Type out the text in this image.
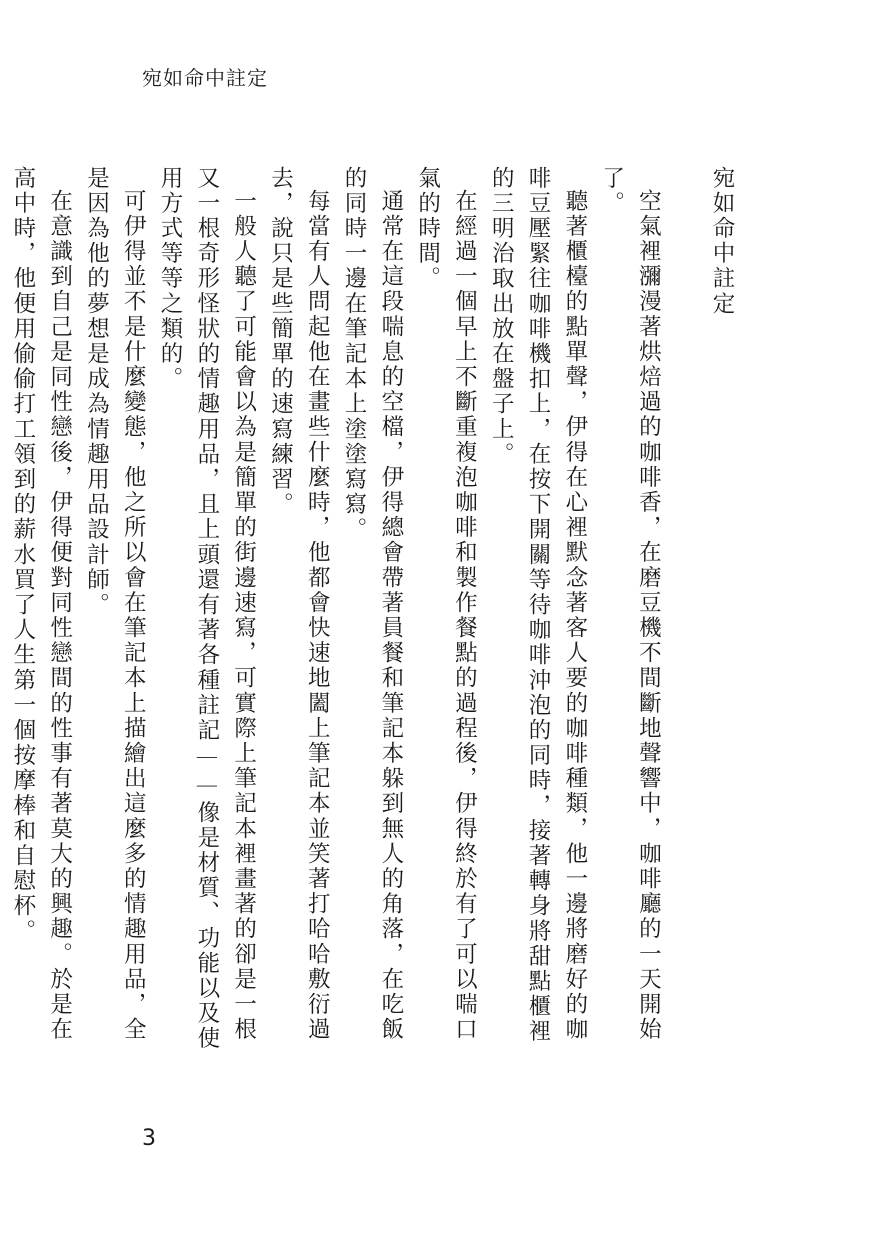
宛如命中註定

宛如命中註定

空氣裡瀰漫著烘焙過的咖啡香，在磨豆機不間斷地聲響中，咖啡廳的一天開始了。

聽著櫃檯的點單聲，伊得在心裡默念著客人要的咖啡種類，他一邊將磨好的咖啡豆壓緊往咖啡機扣上，在按下開關等待咖啡沖泡的同時，接著轉身將甜點櫃裡的三明治取出放在盤子上。

在經過一個早上不斷重複泡咖啡和製作餐點的過程後，伊得終於有了可以喘口氣的時間。

通常在這段喘息的空檔，伊得總會帶著員餐和筆記本躲到無人的角落，在吃飯的同時一邊在筆記本上塗塗寫寫。

每當有人問起他在畫些什麼時，他都會快速地闔上筆記本並笑著打哈哈敷衍過去，說只是些簡單的速寫練習。

一般人聽了可能會以為是簡單的街邊速寫，可實際上筆記本裡畫著的卻是一根又一根奇形怪狀的情趣用品，且上頭還有著各種註記——像是材質、功能以及使用方式等等之類的。

可伊得並不是什麼變態，他之所以會在筆記本上描繪出這麼多的情趣用品，全是因為他的夢想是成為情趣用品設計師。

在意識到自己是同性戀後，伊得便對同性戀間的性事有著莫大的興趣。於是在高中時，他便用偷偷打工領到的薪水買了人生第一個按摩棒和自慰杯。

3
